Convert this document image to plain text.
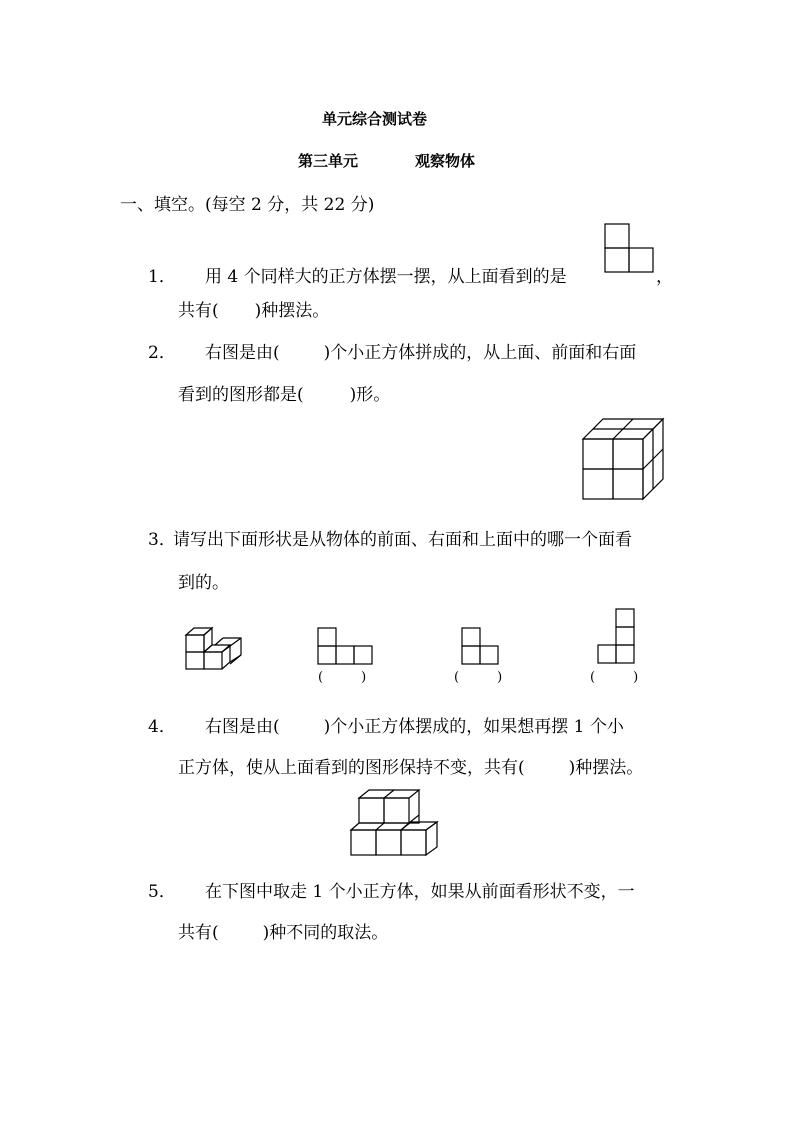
单元综合测试卷
第三单元	观察物体
一、填空。(每空 2 分，共 22 分)
1． 用 4 个同样大的正方体摆一摆，从上面看到的是	，
共有( )种摆法。
2． 右图是由(	)个小正方体拼成的，从上面、前面和右面
看到的图形都是(	)形。
3．
请写出下面形状是从物体的前面、右面和上面中的哪一个面看
到的。
(	)	(	)	(	)
4． 右图是由(	)个小正方体摆成的，如果想再摆 1 个小
正方体，使从上面看到的图形保持不变，共有(	)种摆法。
5． 在下图中取走 1 个小正方体，如果从前面看形状不变，一
共有(	)种不同的取法。
